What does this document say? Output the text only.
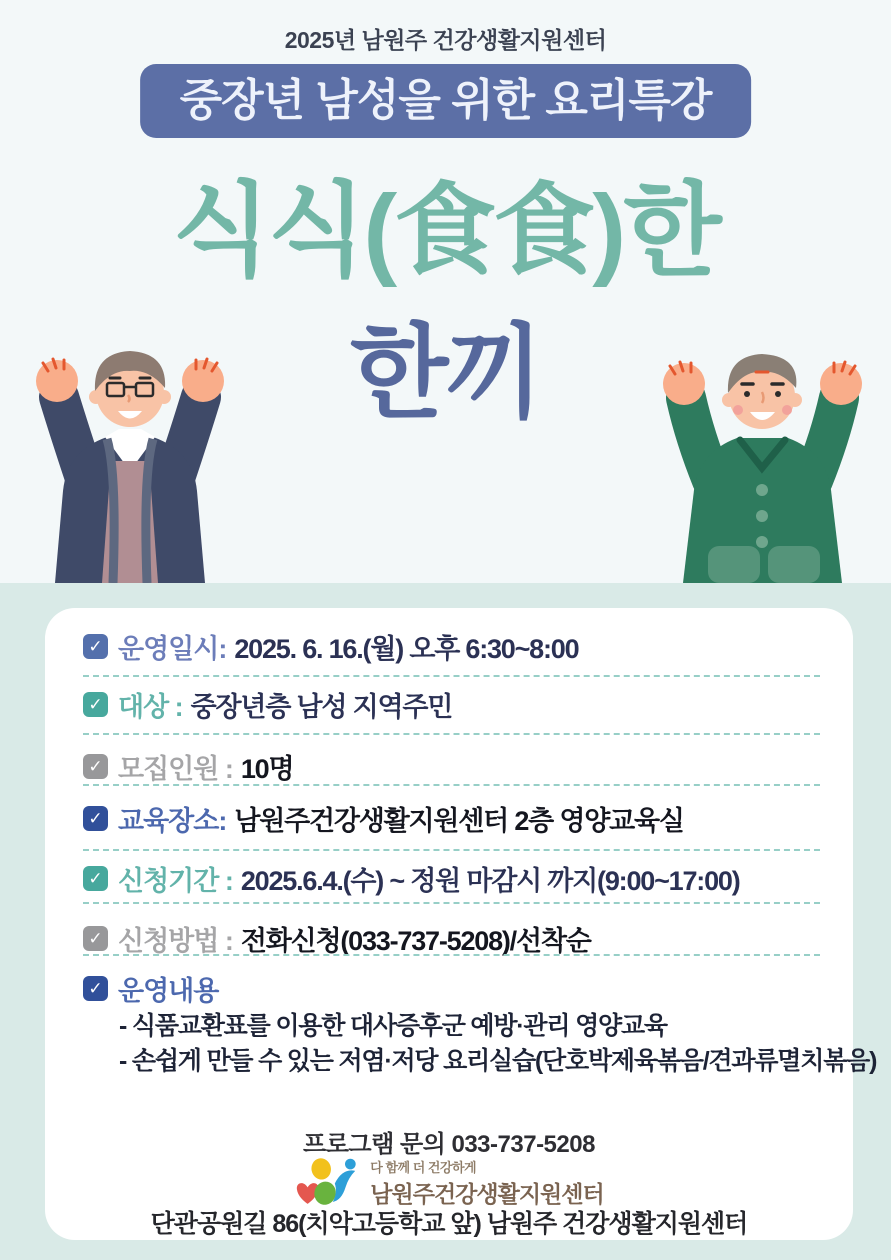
2025년 남원주 건강생활지원센터
중장년 남성을 위한 요리특강
식식(食食)한
한끼
✓
운영일시: 2025. 6. 16.(월) 오후 6:30~8:00
✓
대상 : 중장년층 남성 지역주민
✓
모집인원 : 10명
✓
교육장소: 남원주건강생활지원센터 2층 영양교육실
✓
신청기간 : 2025.6.4.(수) ~ 정원 마감시 까지(9:00~17:00)
✓
신청방법 : 전화신청(033-737-5208)/선착순
✓
운영내용
- 식품교환표를 이용한 대사증후군 예방·관리 영양교육
- 손쉽게 만들 수 있는 저염·저당 요리실습(단호박제육볶음/견과류멸치볶음)
프로그램 문의 033-737-5208
다 함께 더 건강하게
남원주건강생활지원센터
단관공원길 86(치악고등학교 앞) 남원주 건강생활지원센터
